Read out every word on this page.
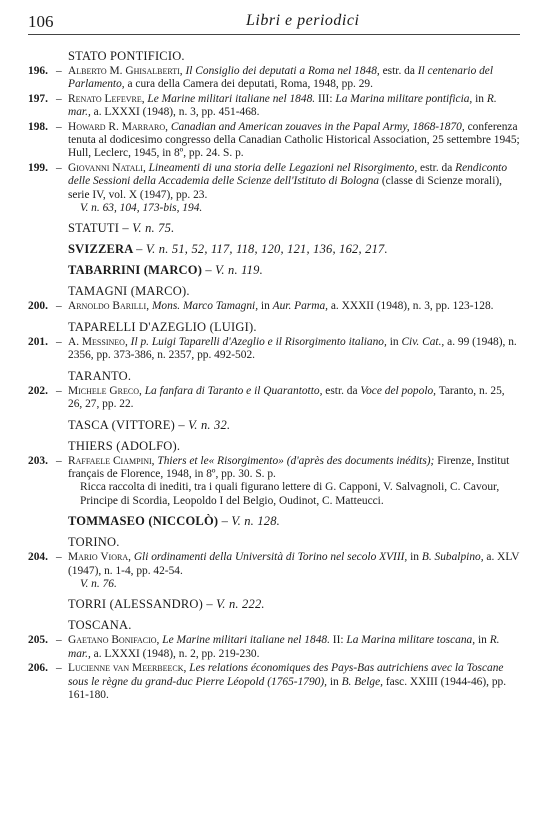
106	Libri e periodici
STATO PONTIFICIO.
196. – Alberto M. Ghisalberti, Il Consiglio dei deputati a Roma nel 1848, estr. da Il centenario del Parlamento, a cura della Camera dei deputati, Roma, 1948, pp. 29.
197. – Renato Lefevre, Le Marine militari italiane nel 1848. III: La Marina militare pontificia, in R. mar., a. LXXXI (1948), n. 3, pp. 451-468.
198. – Howard R. Marraro, Canadian and American zouaves in the Papal Army, 1868-1870, conferenza tenuta al dodicesimo congresso della Canadian Catholic Historical Association, 25 settembre 1945; Hull, Leclerc, 1945, in 8º, pp. 24. S. p.
199. – Giovanni Natali, Lineamenti di una storia delle Legazioni nel Risorgimento, estr. da Rendiconto delle Sessioni della Accademia delle Scienze dell'Istituto di Bologna (classe di Scienze morali), serie IV, vol. X (1947), pp. 23.
V. n. 63, 104, 173-bis, 194.
STATUTI – V. n. 75.
SVIZZERA – V. n. 51, 52, 117, 118, 120, 121, 136, 162, 217.
TABARRINI (MARCO) – V. n. 119.
TAMAGNI (MARCO).
200. – Arnoldo Barilli, Mons. Marco Tamagni, in Aur. Parma, a. XXXII (1948), n. 3, pp. 123-128.
TAPARELLI D'AZEGLIO (LUIGI).
201. – A. Messineo, Il p. Luigi Taparelli d'Azeglio e il Risorgimento italiano, in Civ. Cat., a. 99 (1948), n. 2356, pp. 373-386, n. 2357, pp. 492-502.
TARANTO.
202. – Michele Greco, La fanfara di Taranto e il Quarantotto, estr. da Voce del popolo, Taranto, n. 25, 26, 27, pp. 22.
TASCA (VITTORE) – V. n. 32.
THIERS (ADOLFO).
203. – Raffaele Ciampini, Thiers et le« Risorgimento» (d'après des documents inédits); Firenze, Institut français de Florence, 1948, in 8º, pp. 30. S. p.
Ricca raccolta di inediti, tra i quali figurano lettere di G. Capponi, V. Salvagnoli, C. Cavour, Principe di Scordia, Leopoldo I del Belgio, Oudinot, C. Matteucci.
TOMMASEO (NICCOLÒ) – V. n. 128.
TORINO.
204. – Mario Viora, Gli ordinamenti della Università di Torino nel secolo XVIII, in B. Subalpino, a. XLV (1947), n. 1-4, pp. 42-54.
V. n. 76.
TORRI (ALESSANDRO) – V. n. 222.
TOSCANA.
205. – Gaetano Bonifacio, Le Marine militari italiane nel 1848. II: La Marina militare toscana, in R. mar., a. LXXXI (1948), n. 2, pp. 219-230.
206. – Lucienne van Meerbeeck, Les relations économiques des Pays-Bas autrichiens avec la Toscane sous le règne du grand-duc Pierre Léopold (1765-1790), in B. Belge, fasc. XXIII (1944-46), pp. 161-180.
